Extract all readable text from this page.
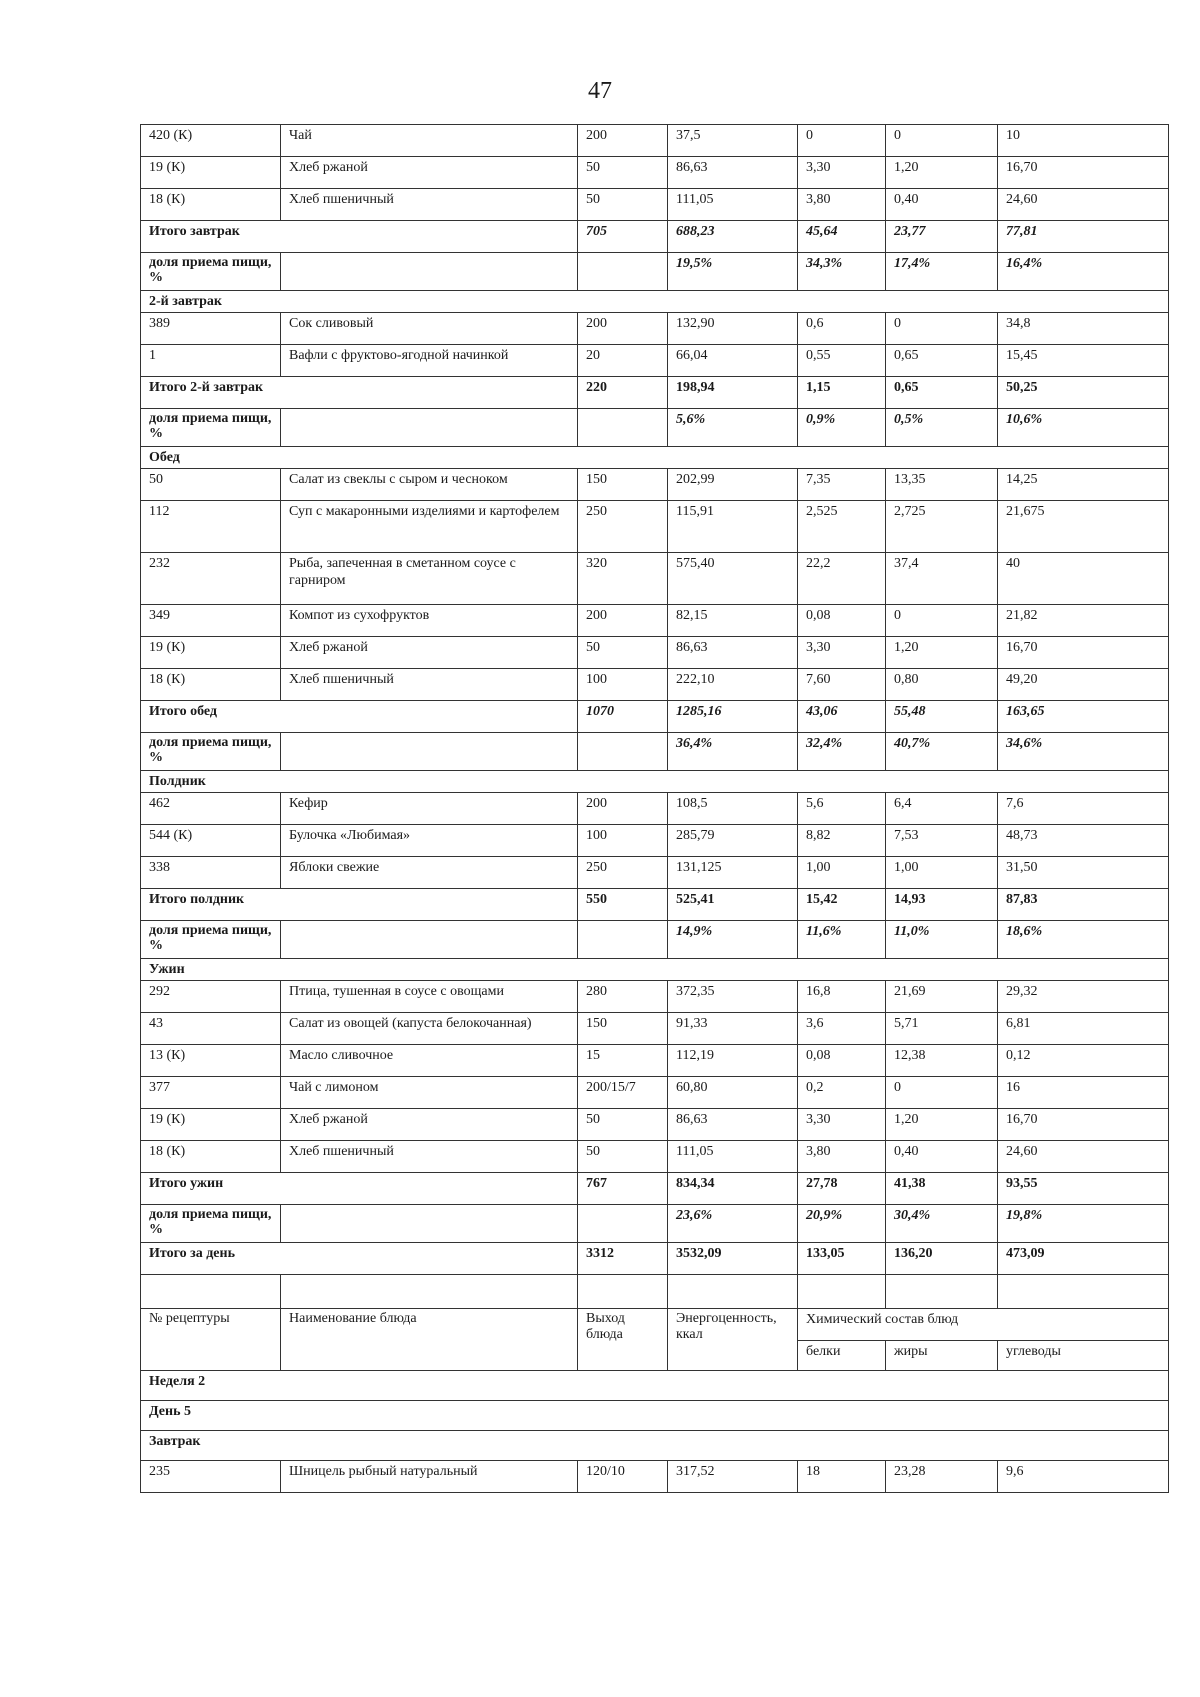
47
420 (К)	Чай	200	37,5	0	0	10
19 (К)	Хлеб ржаной	50	86,63	3,30	1,20	16,70
18 (К)	Хлеб пшеничный	50	111,05	3,80	0,40	24,60
Итого завтрак		705	688,23	45,64	23,77	77,81
доля приема пищи, %			19,5%	34,3%	17,4%	16,4%
2-й завтрак						
389	Сок сливовый	200	132,90	0,6	0	34,8
1	Вафли с фруктово-ягодной начинкой	20	66,04	0,55	0,65	15,45
Итого 2-й завтрак		220	198,94	1,15	0,65	50,25
доля приема пищи, %			5,6%	0,9%	0,5%	10,6%
Обед						
50	Салат из свеклы с сыром и чесноком	150	202,99	7,35	13,35	14,25
112	Суп с макаронными изделиями и картофелем	250	115,91	2,525	2,725	21,675
232	Рыба, запеченная в сметанном соусе с гарниром	320	575,40	22,2	37,4	40
349	Компот из сухофруктов	200	82,15	0,08	0	21,82
19 (К)	Хлеб ржаной	50	86,63	3,30	1,20	16,70
18 (К)	Хлеб пшеничный	100	222,10	7,60	0,80	49,20
Итого обед		1070	1285,16	43,06	55,48	163,65
доля приема пищи, %			36,4%	32,4%	40,7%	34,6%
Полдник						
462	Кефир	200	108,5	5,6	6,4	7,6
544 (К)	Булочка «Любимая»	100	285,79	8,82	7,53	48,73
338	Яблоки свежие	250	131,125	1,00	1,00	31,50
Итого полдник		550	525,41	15,42	14,93	87,83
доля приема пищи, %			14,9%	11,6%	11,0%	18,6%
Ужин						
292	Птица, тушенная в соусе с овощами	280	372,35	16,8	21,69	29,32
43	Салат из овощей (капуста белокочанная)	150	91,33	3,6	5,71	6,81
13 (К)	Масло сливочное	15	112,19	0,08	12,38	0,12
377	Чай с лимоном	200/15/7	60,80	0,2	0	16
19 (К)	Хлеб ржаной	50	86,63	3,30	1,20	16,70
18 (К)	Хлеб пшеничный	50	111,05	3,80	0,40	24,60
Итого ужин		767	834,34	27,78	41,38	93,55
доля приема пищи, %			23,6%	20,9%	30,4%	19,8%
Итого за день		3312	3532,09	133,05	136,20	473,09

№ рецептуры	Наименование блюда	Выход блюда	Энергоценность, ккал	Химический состав блюд		
				белки	жиры	углеводы
Неделя 2						
День 5						
Завтрак						
235	Шницель рыбный натуральный	120/10	317,52	18	23,28	9,6
